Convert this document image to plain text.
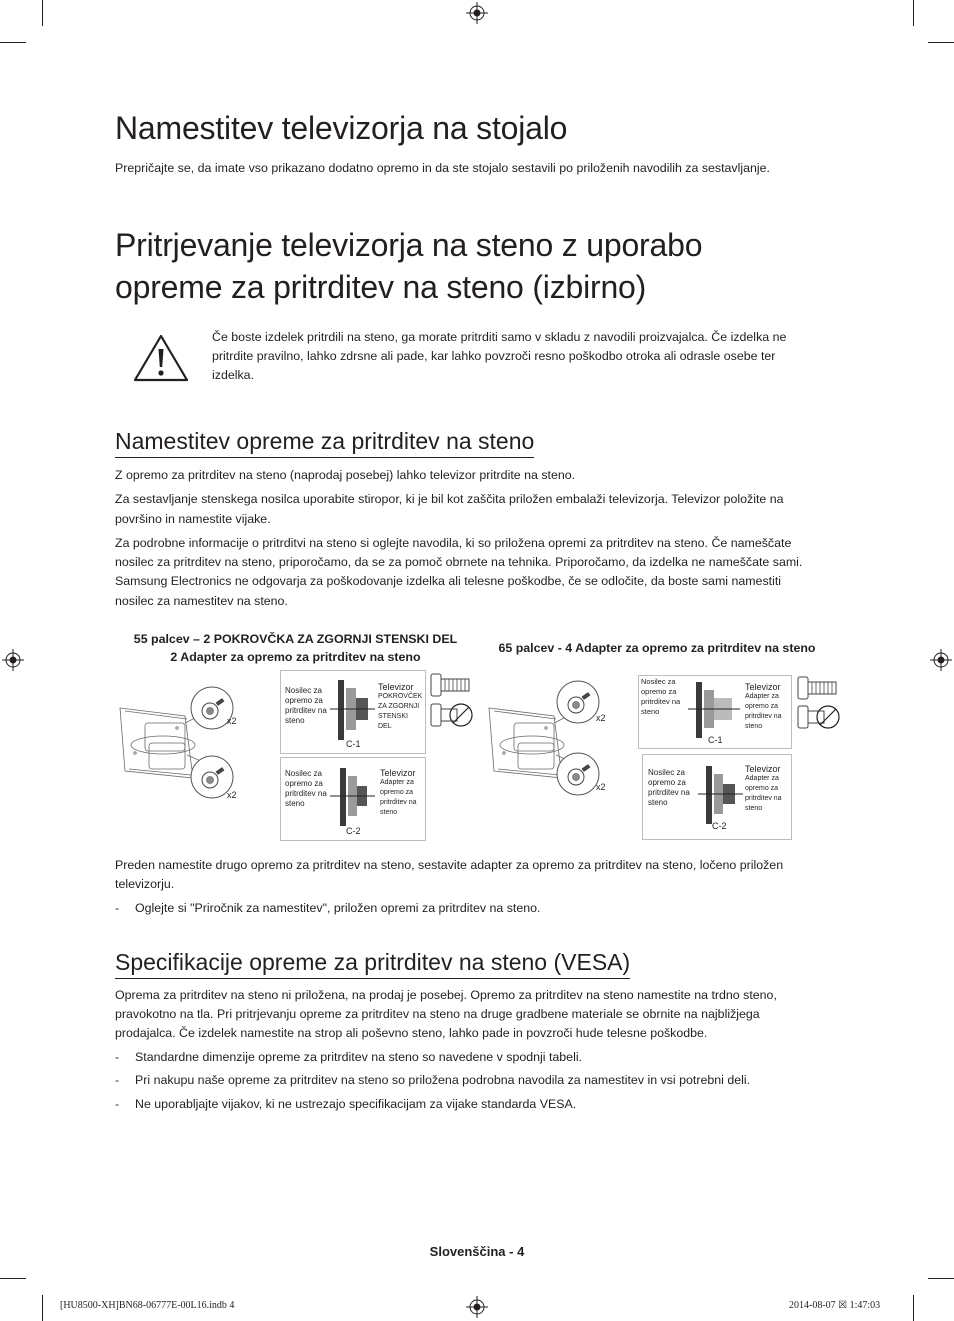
Namestitev televizorja na stojalo

Prepričajte se, da imate vso prikazano dodatno opremo in da ste stojalo sestavili po priloženih navodilih za sestavljanje.

Pritrjevanje televizorja na steno z uporabo
opreme za pritrditev na steno (izbirno)

Če boste izdelek pritrdili na steno, ga morate pritrditi samo v skladu z navodili proizvajalca. Če izdelka ne

pritrdite pravilno, lahko zdrsne ali pade, kar lahko povzroči resno poškodbo otroka ali odrasle osebe ter

izdelka.

Namestitev opreme za pritrditev na steno

Z opremo za pritrditev na steno (naprodaj posebej) lahko televizor pritrdite na steno.

Za sestavljanje stenskega nosilca uporabite stiropor, ki je bil kot zaščita priložen embalaži televizorja. Televizor položite na

površino in namestite vijake.

Za podrobne informacije o pritrditvi na steno si oglejte navodila, ki so priložena opremi za pritrditev na steno. Če nameščate

nosilec za pritrditev na steno, priporočamo, da se za pomoč obrnete na tehnika. Priporočamo, da izdelka ne nameščate sami.

Samsung Electronics ne odgovarja za poškodovanje izdelka ali telesne poškodbe, če se odločite, da boste sami namestiti

nosilec za namestitev na steno.

55 palcev – 2 POKROVČKA ZA ZGORNJI STENSKI DEL
2 Adapter za opremo za pritrditev na steno
65 palcev - 4 Adapter za opremo za pritrditev na steno
x2
x2
Nosilec za
opremo za
pritrditev na
steno
Televizor
POKROVČEK
ZA ZGORNJI
STENSKI
DEL
C-1
Nosilec za
opremo za
pritrditev na
steno
Televizor
Adapter za
opremo za
pritrditev na
steno
C-2
x2
x2
Nosilec za
opremo za
pritrditev na
steno
Televizor
Adapter za
opremo za
pritrditev na
steno
C-1
Nosilec za
opremo za
pritrditev na
steno
Televizor
Adapter za
opremo za
pritrditev na
steno
C-2

Preden namestite drugo opremo za pritrditev na steno, sestavite adapter za opremo za pritrditev na steno, ločeno priložen

televizorju.

- Oglejte si "Priročnik za namestitev", priložen opremi za pritrditev na steno.
Specifikacije opreme za pritrditev na steno (VESA)

Oprema za pritrditev na steno ni priložena, na prodaj je posebej. Opremo za pritrditev na steno namestite na trdno steno,

pravokotno na tla. Pri pritrjevanju opreme za pritrditev na steno na druge gradbene materiale se obrnite na najbližjega

prodajalca. Če izdelek namestite na strop ali poševno steno, lahko pade in povzroči hude telesne poškodbe.

- Standardne dimenzije opreme za pritrditev na steno so navedene v spodnji tabeli.
- Pri nakupu naše opreme za pritrditev na steno so priložena podrobna navodila za namestitev in vsi potrebni deli.
- Ne uporabljajte vijakov, ki ne ustrezajo specifikacijam za vijake standarda VESA.
Slovenščina - 4
[HU8500-XH]BN68-06777E-00L16.indb 4	2014-08-07 ☒ 1:47:03
